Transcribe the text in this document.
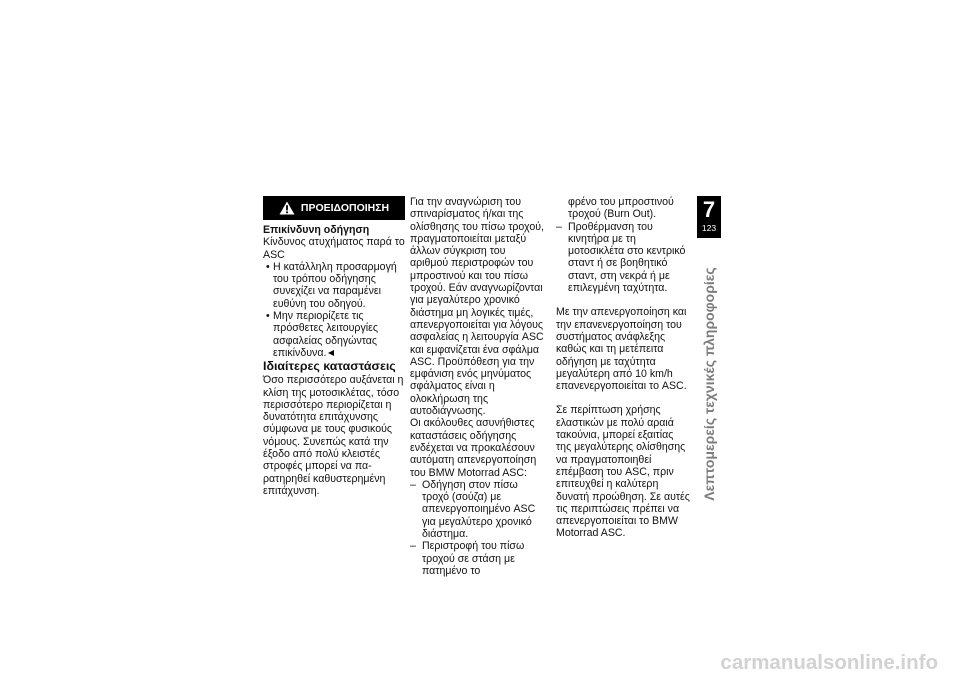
ΠΡΟΕΙΔΟΠΟΙΗΣΗ

Επικίνδυνη οδήγηση

Κίνδυνος ατυχήματος παρά το ASC

• Η κατάλληλη προσαρμογή του τρόπου οδήγησης συνεχίζει να παραμένει ευθύνη του οδηγού.

• Μην περιορίζετε τις πρόσθετες λειτουργίες ασφαλείας οδηγώντας επικίνδυνα.

Ιδιαίτερες καταστάσεις

Όσο περισσότερο αυξάνεται η κλίση της μοτοσικλέτας, τόσο περισσότερο περιορίζεται η δυνατότητα επιτάχυνσης σύμφωνα με τους φυσικούς νόμους. Συνεπώς κατά την έξοδο από πολύ κλειστές στροφές μπορεί να παρατηρηθεί καθυστερημένη επιτάχυνση.

Για την αναγνώριση του σπιναρίσματος ή/και της ολίσθησης του πίσω τροχού, πραγματοποιείται μεταξύ άλλων σύγκριση του αριθμού περιστροφών του μπροστινού και του πίσω τροχού. Εάν αναγνωρίζονται για μεγαλύτερο χρονικό διάστημα μη λογικές τιμές, απενεργοποιείται για λόγους ασφαλείας η λειτουργία ASC και εμφανίζεται ένα σφάλμα ASC. Προϋπόθεση για την εμφάνιση ενός μηνύματος σφάλματος είναι η ολοκλήρωση της αυτοδιάγνωσης.

Οι ακόλουθες ασυνήθιστες καταστάσεις οδήγησης ενδέχεται να προκαλέσουν αυτόματη απενεργοποίηση του BMW Motorrad ASC:

– Οδήγηση στον πίσω τροχό (σούζα) με απενεργοποιημένο ASC για μεγαλύτερο χρονικό διάστημα.

– Περιστροφή του πίσω τροχού σε στάση με πατημένο το

φρένο του μπροστινού τροχού (Burn Out).

– Προθέρμανση του κινητήρα με τη μοτοσικλέτα στο κεντρικό σταντ ή σε βοηθητικό σταντ, στη νεκρά ή με επιλεγμένη ταχύτητα.

Με την απενεργοποίηση και την επανενεργοποίηση του συστήματος ανάφλεξης καθώς και τη μετέπειτα οδήγηση με ταχύτητα μεγαλύτερη από 10 km/h επανενεργοποιείται το ASC.

Σε περίπτωση χρήσης ελαστικών με πολύ αραιά τακούνια, μπορεί εξαιτίας της μεγαλύτερης ολίσθησης να πραγματοποιηθεί επέμβαση του ASC, πριν επιτευχθεί η καλύτερη δυνατή προώθηση. Σε αυτές τις περιπτώσεις πρέπει να απενεργοποιείται το BMW Motorrad ASC.

7
123
Λεπτομερείς τεχνικές πληροφορίες
carmanualsonline.info
